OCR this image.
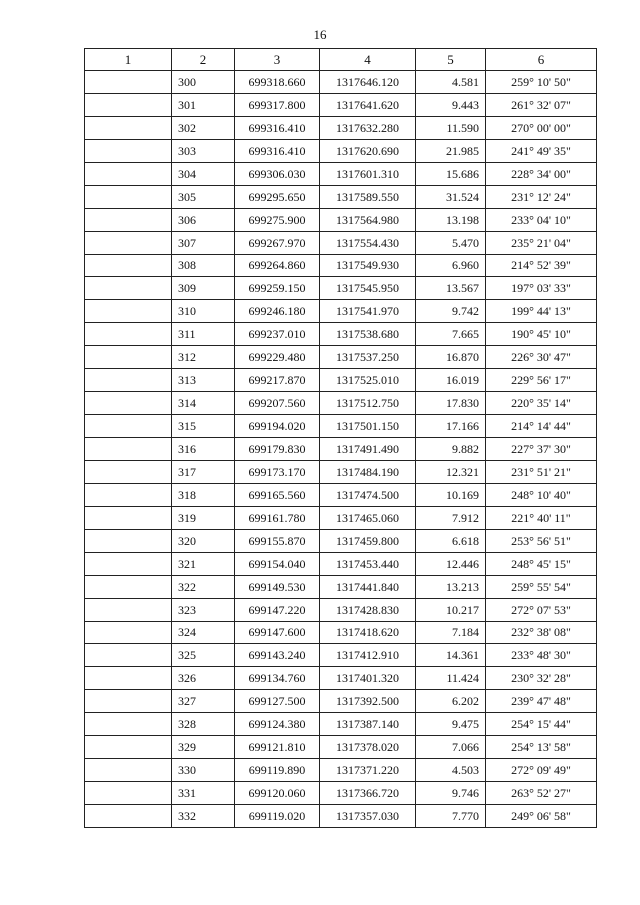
16
1	2	3	4	5	6
	300	699318.660	1317646.120	4.581	259° 10' 50"
	301	699317.800	1317641.620	9.443	261° 32' 07"
	302	699316.410	1317632.280	11.590	270° 00' 00"
	303	699316.410	1317620.690	21.985	241° 49' 35"
	304	699306.030	1317601.310	15.686	228° 34' 00"
	305	699295.650	1317589.550	31.524	231° 12' 24"
	306	699275.900	1317564.980	13.198	233° 04' 10"
	307	699267.970	1317554.430	5.470	235° 21' 04"
	308	699264.860	1317549.930	6.960	214° 52' 39"
	309	699259.150	1317545.950	13.567	197° 03' 33"
	310	699246.180	1317541.970	9.742	199° 44' 13"
	311	699237.010	1317538.680	7.665	190° 45' 10"
	312	699229.480	1317537.250	16.870	226° 30' 47"
	313	699217.870	1317525.010	16.019	229° 56' 17"
	314	699207.560	1317512.750	17.830	220° 35' 14"
	315	699194.020	1317501.150	17.166	214° 14' 44"
	316	699179.830	1317491.490	9.882	227° 37' 30"
	317	699173.170	1317484.190	12.321	231° 51' 21"
	318	699165.560	1317474.500	10.169	248° 10' 40"
	319	699161.780	1317465.060	7.912	221° 40' 11"
	320	699155.870	1317459.800	6.618	253° 56' 51"
	321	699154.040	1317453.440	12.446	248° 45' 15"
	322	699149.530	1317441.840	13.213	259° 55' 54"
	323	699147.220	1317428.830	10.217	272° 07' 53"
	324	699147.600	1317418.620	7.184	232° 38' 08"
	325	699143.240	1317412.910	14.361	233° 48' 30"
	326	699134.760	1317401.320	11.424	230° 32' 28"
	327	699127.500	1317392.500	6.202	239° 47' 48"
	328	699124.380	1317387.140	9.475	254° 15' 44"
	329	699121.810	1317378.020	7.066	254° 13' 58"
	330	699119.890	1317371.220	4.503	272° 09' 49"
	331	699120.060	1317366.720	9.746	263° 52' 27"
	332	699119.020	1317357.030	7.770	249° 06' 58"
